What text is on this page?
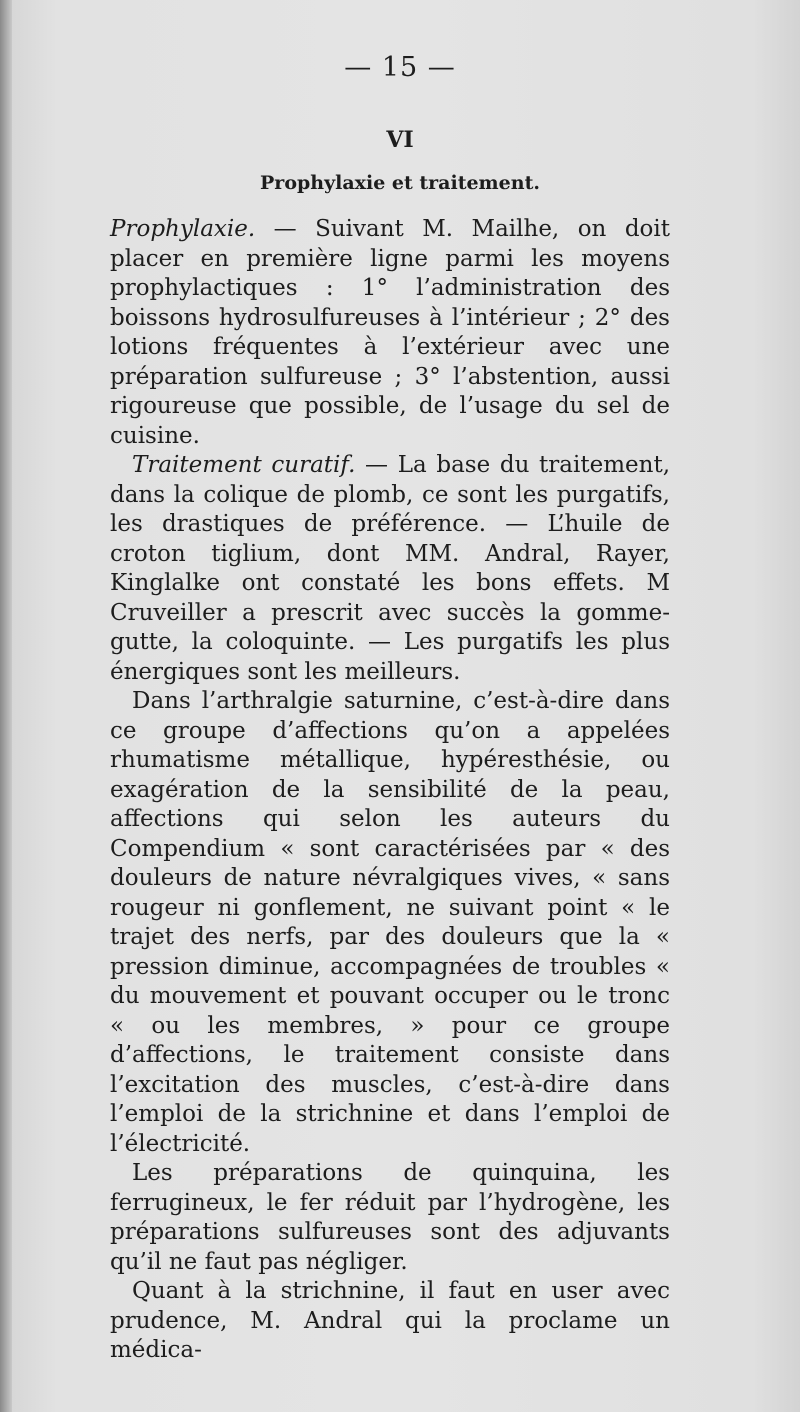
— 15 —
VI
Prophylaxie et traitement.

Prophylaxie. — Suivant M. Mailhe, on doit placer en première ligne parmi les moyens prophylactiques : 1° l’administration des boissons hydrosulfureuses à l’intérieur ; 2° des lotions fréquentes à l’extérieur avec une préparation sulfureuse ; 3° l’abstention, aussi rigoureuse que possible, de l’usage du sel de cuisine.

Traitement curatif. — La base du traitement, dans la colique de plomb, ce sont les purgatifs, les drastiques de préférence. — L’huile de croton tiglium, dont MM. Andral, Rayer, Kinglalke ont constaté les bons effets. M Cruveiller a prescrit avec succès la gomme-gutte, la coloquinte. — Les purgatifs les plus énergiques sont les meilleurs.

Dans l’arthralgie saturnine, c’est-à-dire dans ce groupe d’affections qu’on a appelées rhumatisme métallique, hypéresthésie, ou exagération de la sensibilité de la peau, affections qui selon les auteurs du Compendium « sont caractérisées par « des douleurs de nature névralgiques vives, « sans rougeur ni gonflement, ne suivant point « le trajet des nerfs, par des douleurs que la « pression diminue, accompagnées de troubles « du mouvement et pouvant occuper ou le tronc « ou les membres, » pour ce groupe d’affections, le traitement consiste dans l’excitation des muscles, c’est-à-dire dans l’emploi de la strichnine et dans l’emploi de l’électricité.

Les préparations de quinquina, les ferrugineux, le fer réduit par l’hydrogène, les préparations sulfureuses sont des adjuvants qu’il ne faut pas négliger.

Quant à la strichnine, il faut en user avec prudence, M. Andral qui la proclame un médica-
